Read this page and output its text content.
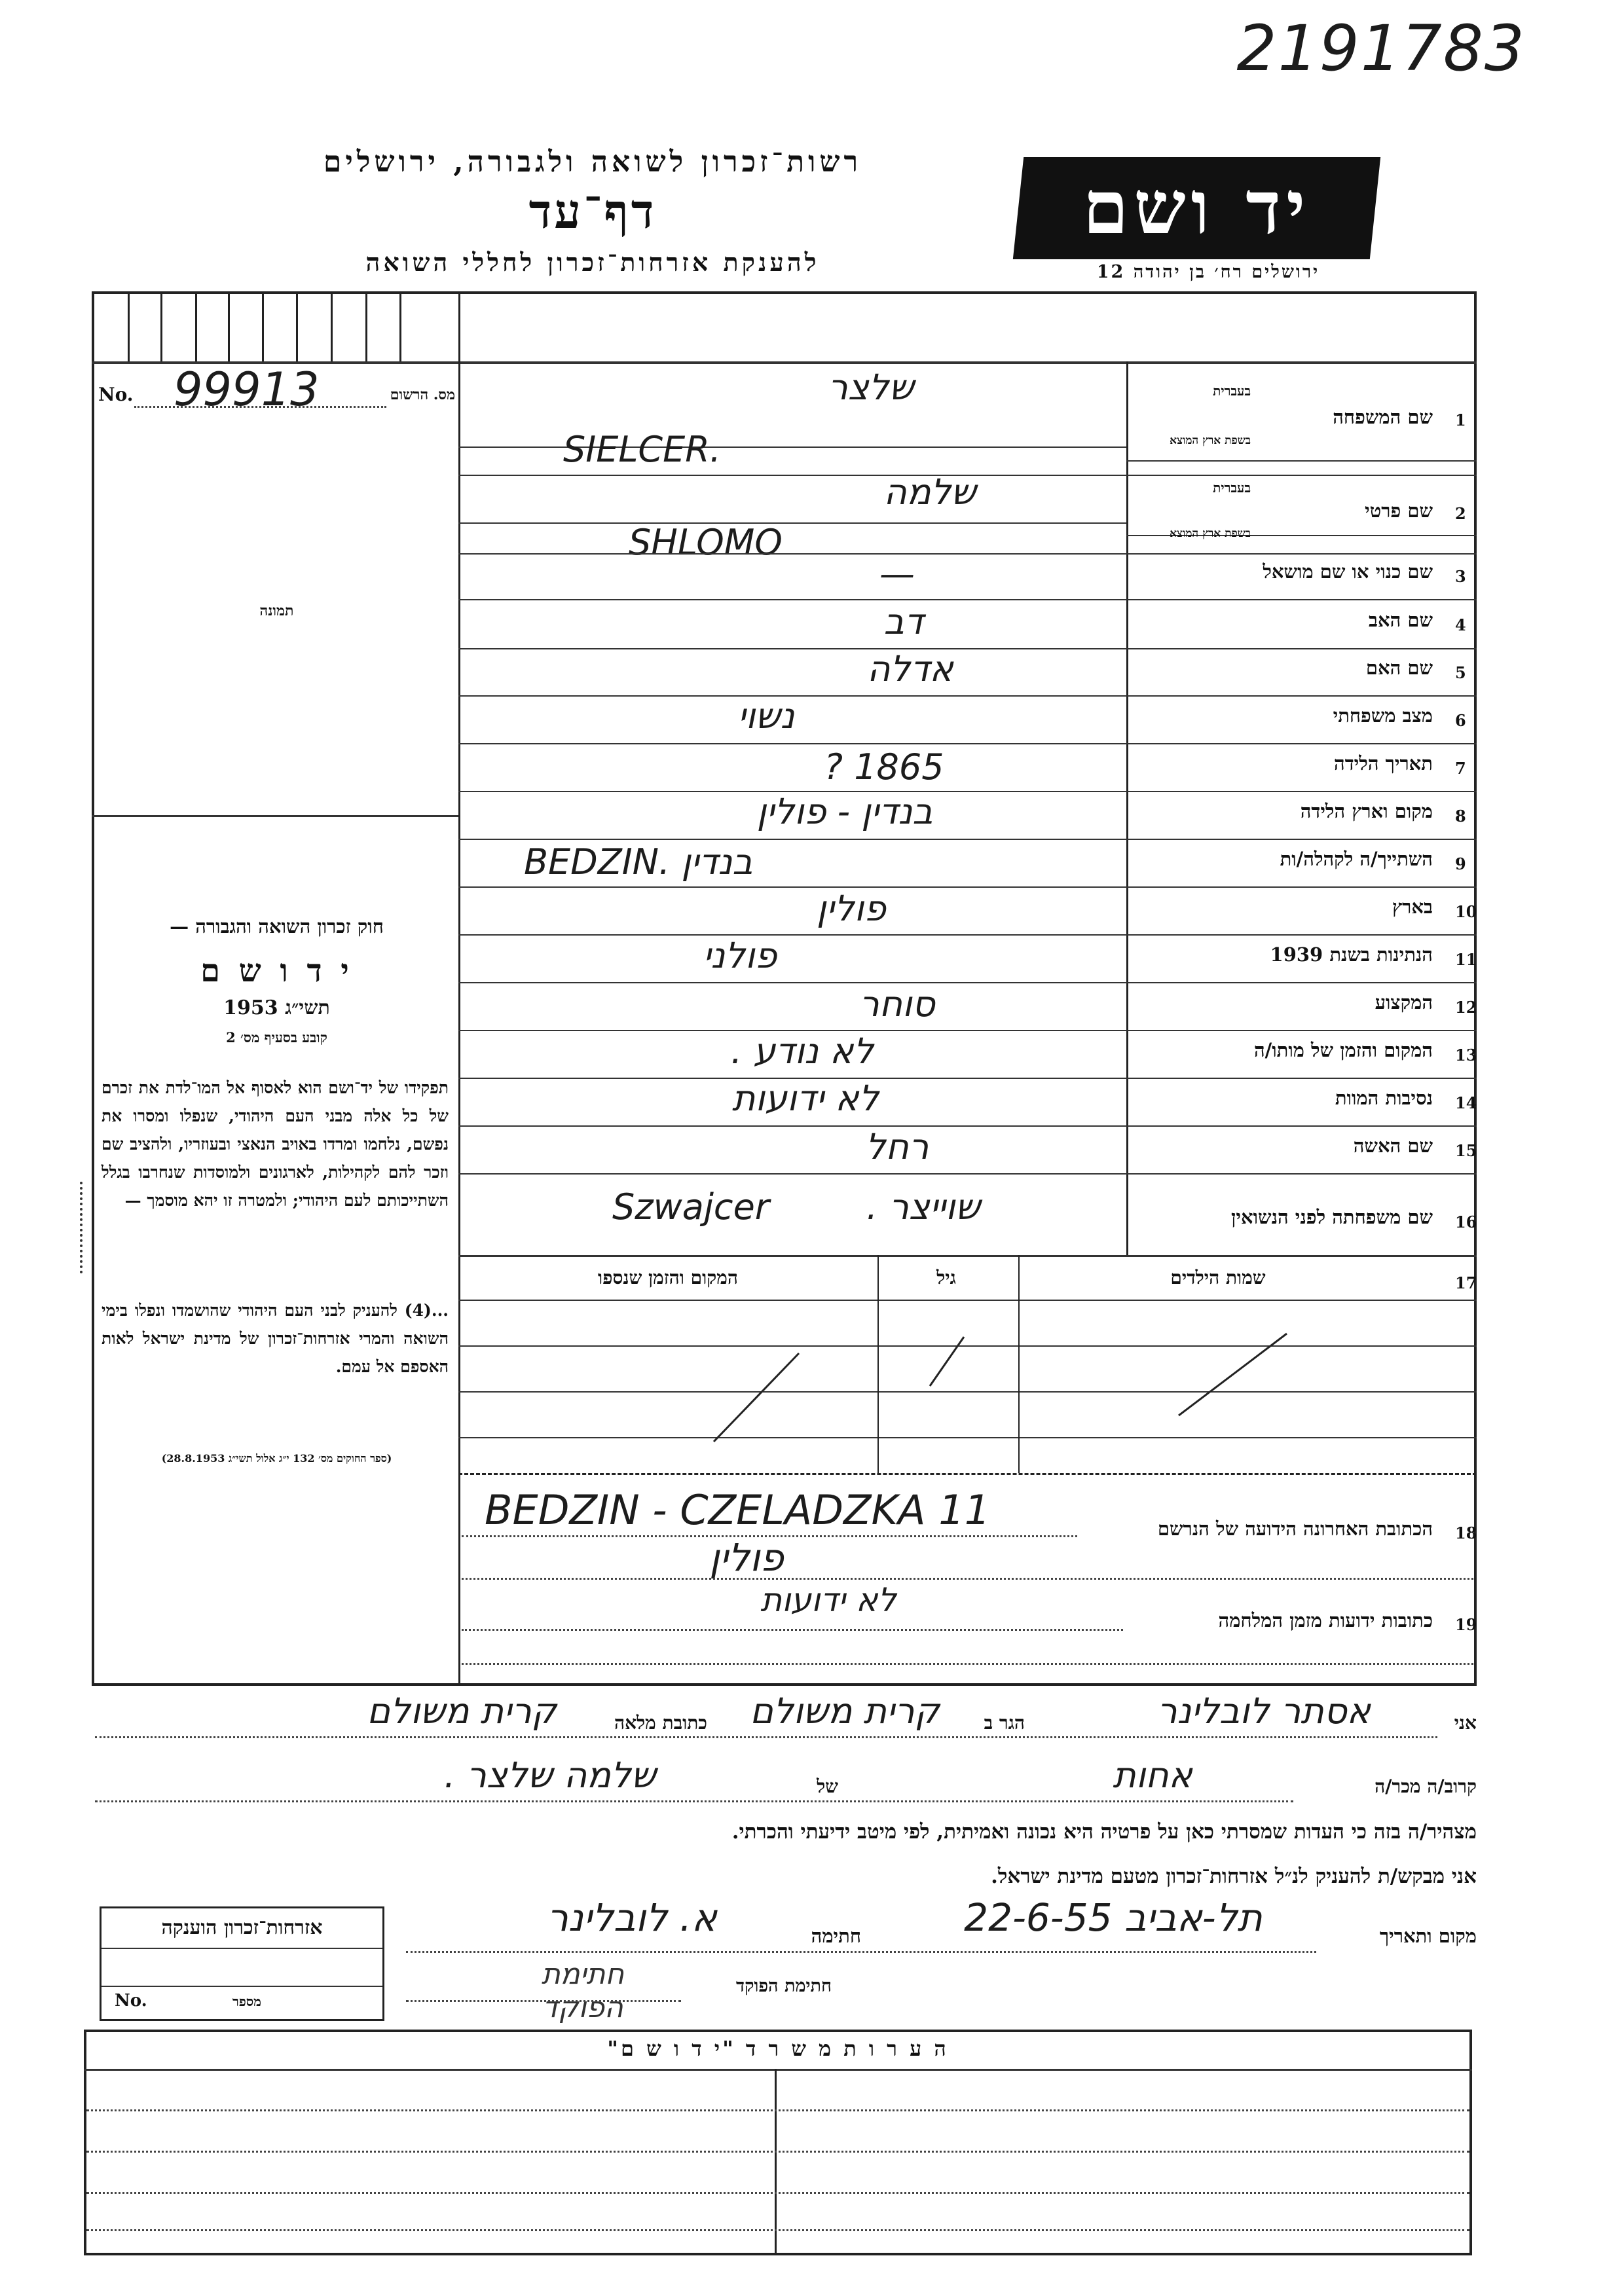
2191783
רשות־זכרון לשואה ולגבורה, ירושלים
דף־עד
להענקת אזרחות־זכרון לחללי השואה
יד ושם
ירושלים רח׳ בן יהודה 12
No. 99913	מס. הרשום
תמונה
חוק זכרון השואה והגבורה —
י ד ו ש ם
תשי״ג 1953
קובע בסעיף מס׳ 2
תפקידו של יד־ושם הוא לאסוף אל המו־לדת את זכרם של כל אלה מבני העם היהודי, שנפלו ומסרו את נפשם, נלחמו ומרדו באויב הנאצי ובעוזריו, ולהציב שם וזכר להם לקהילות, לארגונים ולמוסדות שנחרבו בגלל השתייכותם לעם היהודי; ולמטרה זו יהא מוסמך —
...(4) להעניק לבני העם היהודי שהושמדו ונפלו בימי השואה והמרי אזרחות־זכרון של מדינת ישראל לאות האספם אל עמם.
(ספר החוקים מס׳ 132 י״ג אלול תשי״ג 28.8.1953)
1
שם המשפחה
בעברית
בשפת ארץ המוצא
שלצר
SIELCER.
2
שם פרטי
בעברית
בשפת ארץ המוצא
שלמה
SHLOMO
3
שם כנוי או שם מושאל
—
4
שם האב
דב
5
שם האם
אדלה
6
מצב משפחתי
נשוי
7
תאריך הלידה
1865 ?
8
מקום וארץ הלידה
בנדין - פולין
9
השתייך/ה לקהלה/ות
BEDZIN. בנדין
10
בארץ
פולין
11
הנתינות בשנת 1939
פולני
12
המקצוע
סוחר
13
המקום והזמן של מותו/ה
לא נודע .
14
נסיבות המוות
לא ידועות
15
שם האשה
רחל
16
שם משפחתה לפני הנשואין
Szwajcer	שוייצר .
17
שמות הילדים
גיל
המקום והזמן שנספו
18
הכתובת האחרונה הידועה של הנרשם
BEDZIN - CZELADZKA 11
פולין
19
כתובות ידועות מזמן המלחמה
לא ידועות
אני
אסתר לובלינר
הגר ב
קרית משולם
כתובת מלאה
קרית משולם
קרוב/ה מכר/ה
אחות
של
שלמה שלצר .
מצהיר/ה בזה כי העדות שמסרתי כאן על פרטיה היא נכונה ואמיתית, לפי מיטב ידיעתי והכרתי.
אני מבקש/ת להעניק לנ״ל אזרחות־זכרון מטעם מדינת ישראל.
מקום ותאריך
תל-אביב 22-6-55
חתימה
א. לובלינר
חתימת הפוקד
חתימת הפוקד
אזרחות־זכרון הוענקה
No.	מספר
ה ע ר ו ת מ ש ר ד "י ד ו ש ם"
